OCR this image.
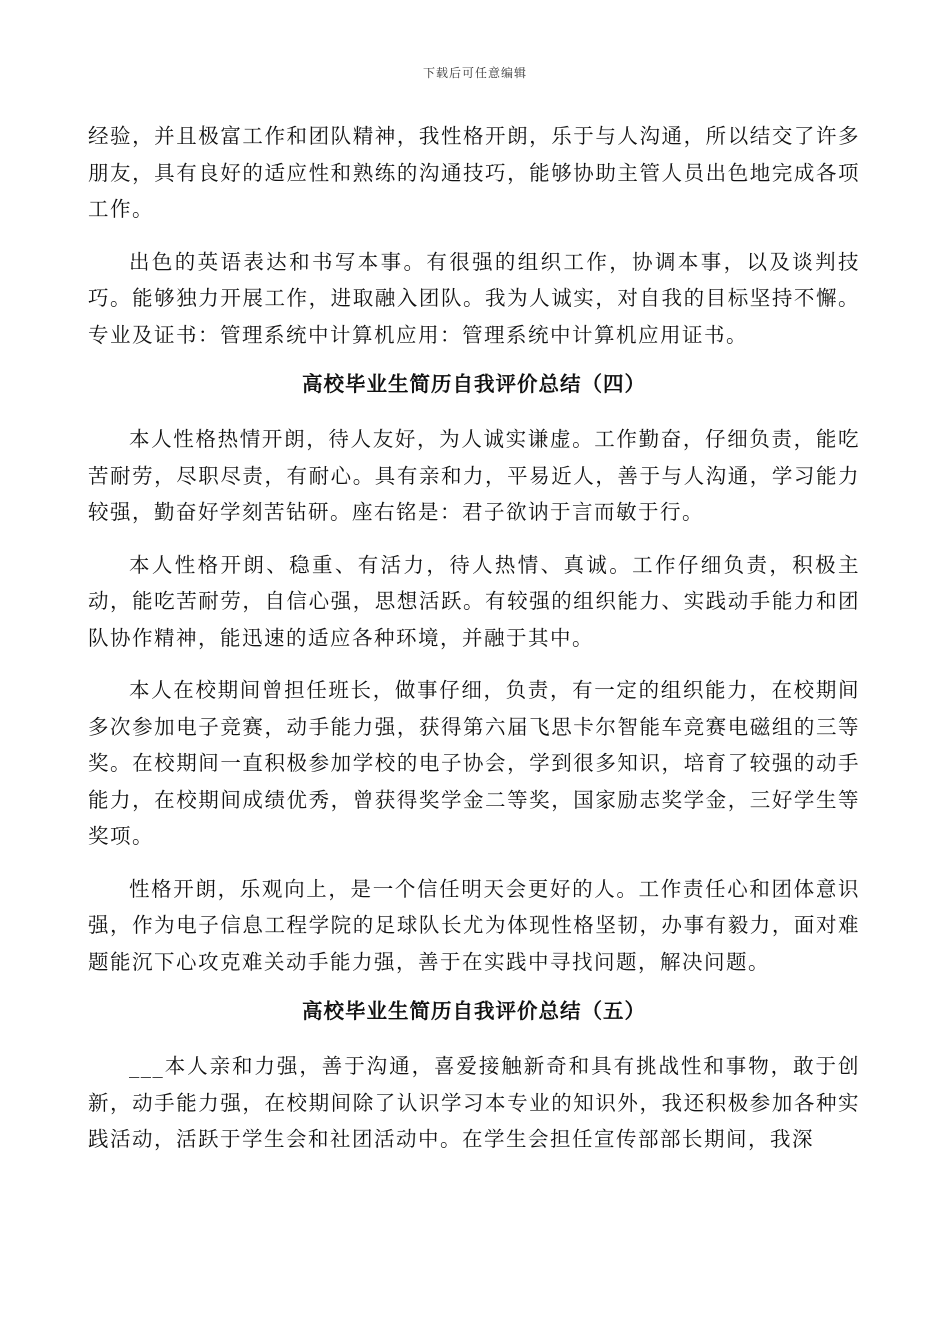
下载后可任意编辑

经验，并且极富工作和团队精神，我性格开朗，乐于与人沟通，所以结交了许多朋友，具有良好的适应性和熟练的沟通技巧，能够协助主管人员出色地完成各项工作。

出色的英语表达和书写本事。有很强的组织工作，协调本事，以及谈判技巧。能够独力开展工作，进取融入团队。我为人诚实，对自我的目标坚持不懈。专业及证书：管理系统中计算机应用：管理系统中计算机应用证书。

高校毕业生简历自我评价总结（四）

本人性格热情开朗，待人友好，为人诚实谦虚。工作勤奋，仔细负责，能吃苦耐劳，尽职尽责，有耐心。具有亲和力，平易近人，善于与人沟通，学习能力较强，勤奋好学刻苦钻研。座右铭是：君子欲讷于言而敏于行。

本人性格开朗、稳重、有活力，待人热情、真诚。工作仔细负责，积极主动，能吃苦耐劳，自信心强，思想活跃。有较强的组织能力、实践动手能力和团队协作精神，能迅速的适应各种环境，并融于其中。

本人在校期间曾担任班长，做事仔细，负责，有一定的组织能力，在校期间多次参加电子竞赛，动手能力强，获得第六届飞思卡尔智能车竞赛电磁组的三等奖。在校期间一直积极参加学校的电子协会，学到很多知识，培育了较强的动手能力，在校期间成绩优秀，曾获得奖学金二等奖，国家励志奖学金，三好学生等奖项。

性格开朗，乐观向上，是一个信任明天会更好的人。工作责任心和团体意识强，作为电子信息工程学院的足球队长尤为体现性格坚韧，办事有毅力，面对难题能沉下心攻克难关动手能力强，善于在实践中寻找问题，解决问题。

高校毕业生简历自我评价总结（五）

___本人亲和力强，善于沟通，喜爱接触新奇和具有挑战性和事物，敢于创新，动手能力强，在校期间除了认识学习本专业的知识外，我还积极参加各种实践活动，活跃于学生会和社团活动中。在学生会担任宣传部部长期间，我深
